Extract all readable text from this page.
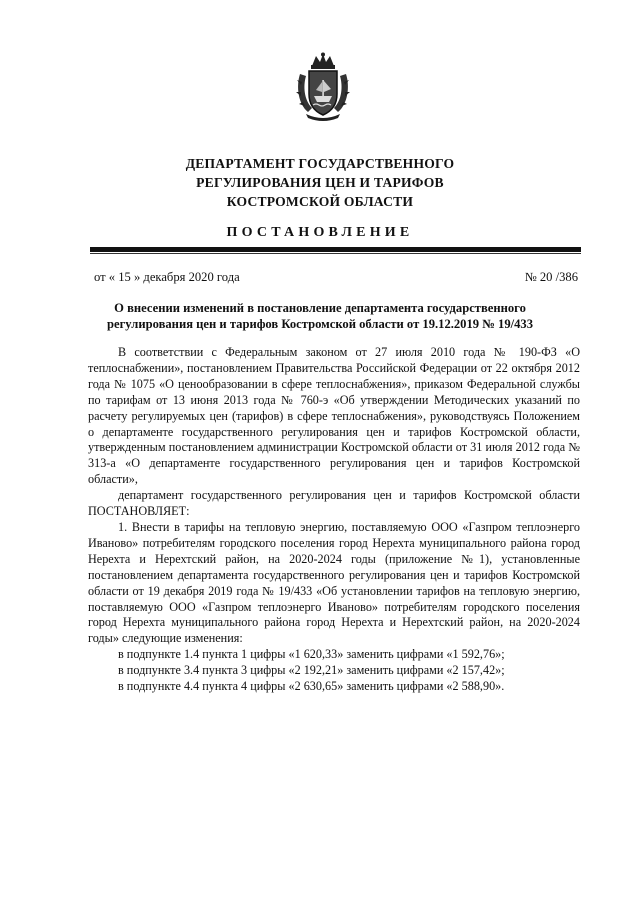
ДЕПАРТАМЕНТ ГОСУДАРСТВЕННОГО
РЕГУЛИРОВАНИЯ ЦЕН И ТАРИФОВ
КОСТРОМСКОЙ ОБЛАСТИ
ПОСТАНОВЛЕНИЕ
от « 15 » декабря 2020 года	№ 20 /386
О внесении изменений в постановление департамента государственного регулирования цен и тарифов Костромской области от 19.12.2019 № 19/433

В соответствии с Федеральным законом от 27 июля 2010 года № 190-ФЗ «О теплоснабжении», постановлением Правительства Российской Федерации от 22 октября 2012 года № 1075 «О ценообразовании в сфере теплоснабжения», приказом Федеральной службы по тарифам от 13 июня 2013 года № 760-э «Об утверждении Методических указаний по расчету регулируемых цен (тарифов) в сфере теплоснабжения», руководствуясь Положением о департаменте государственного регулирования цен и тарифов Костромской области, утвержденным постановлением администрации Костромской области от 31 июля 2012 года № 313-а «О департаменте государственного регулирования цен и тарифов Костромской области»,

департамент государственного регулирования цен и тарифов Костромской области ПОСТАНОВЛЯЕТ:

1. Внести в тарифы на тепловую энергию, поставляемую ООО «Газпром теплоэнерго Иваново» потребителям городского поселения город Нерехта муниципального района город Нерехта и Нерехтский район, на 2020-2024 годы (приложение №1), установленные постановлением департамента государственного регулирования цен и тарифов Костромской области от 19 декабря 2019 года № 19/433 «Об установлении тарифов на тепловую энергию, поставляемую ООО «Газпром теплоэнерго Иваново» потребителям городского поселения город Нерехта муниципального района город Нерехта и Нерехтский район, на 2020-2024 годы» следующие изменения:

в подпункте 1.4 пункта 1 цифры «1 620,33» заменить цифрами «1 592,76»;

в подпункте 3.4 пункта 3 цифры «2 192,21» заменить цифрами «2 157,42»;

в подпункте 4.4 пункта 4 цифры «2 630,65» заменить цифрами «2 588,90».
